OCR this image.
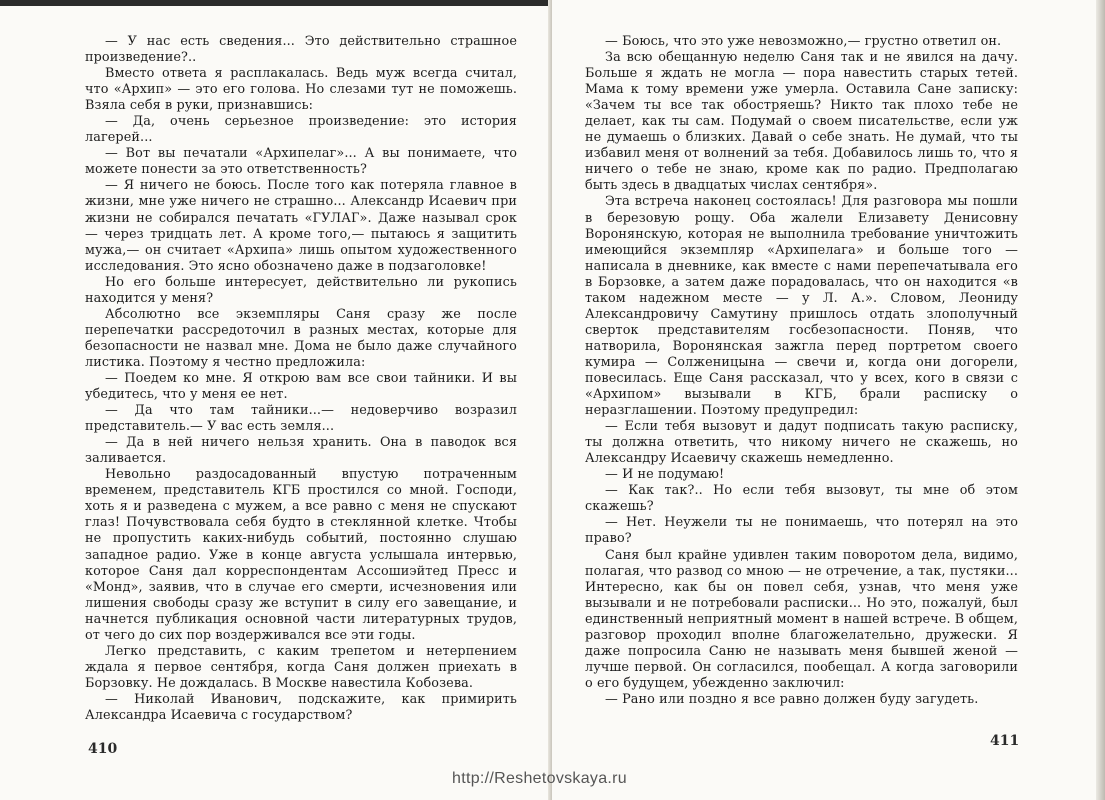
— У нас есть сведения... Это действительно страшное произведение?..

Вместо ответа я расплакалась. Ведь муж всегда считал, что «Архип» — это его голова. Но слезами тут не поможешь. Взяла себя в руки, признавшись:

— Да, очень серьезное произведение: это история лагерей...

— Вот вы печатали «Архипелаг»... А вы понимаете, что можете понести за это ответственность?

— Я ничего не боюсь. После того как потеряла главное в жизни, мне уже ничего не страшно... Александр Исаевич при жизни не собирался печатать «ГУЛАГ». Даже называл срок — через тридцать лет. А кроме того,— пытаюсь я защитить мужа,— он считает «Архипа» лишь опытом художественного исследования. Это ясно обозначено даже в подзаголовке!

Но его больше интересует, действительно ли рукопись находится у меня?

Абсолютно все экземпляры Саня сразу же после перепечатки рассредоточил в разных местах, которые для безопасности не назвал мне. Дома не было даже случайного листика. Поэтому я честно предложила:

— Поедем ко мне. Я открою вам все свои тайники. И вы убедитесь, что у меня ее нет.

— Да что там тайники...— недоверчиво возразил представитель.— У вас есть земля...

— Да в ней ничего нельзя хранить. Она в паводок вся заливается.

Невольно раздосадованный впустую потраченным временем, представитель КГБ простился со мной. Господи, хоть я и разведена с мужем, а все равно с меня не спускают глаз! Почувствовала себя будто в стеклянной клетке. Чтобы не пропустить каких-нибудь событий, постоянно слушаю западное радио. Уже в конце августа услышала интервью, которое Саня дал корреспондентам Ассошиэйтед Пресс и «Монд», заявив, что в случае его смерти, исчезновения или лишения свободы сразу же вступит в силу его завещание, и начнется публикация основной части литературных трудов, от чего до сих пор воздерживался все эти годы.

Легко представить, с каким трепетом и нетерпением ждала я первое сентября, когда Саня должен приехать в Борзовку. Не дождалась. В Москве навестила Кобозева.

— Николай Иванович, подскажите, как примирить Александра Исаевича с государством?

410

— Боюсь, что это уже невозможно,— грустно ответил он.

За всю обещанную неделю Саня так и не явился на дачу. Больше я ждать не могла — пора навестить старых тетей. Мама к тому времени уже умерла. Оставила Сане записку: «Зачем ты все так обостряешь? Никто так плохо тебе не делает, как ты сам. Подумай о своем писательстве, если уж не думаешь о близких. Давай о себе знать. Не думай, что ты избавил меня от волнений за тебя. Добавилось лишь то, что я ничего о тебе не знаю, кроме как по радио. Предполагаю быть здесь в двадцатых числах сентября».

Эта встреча наконец состоялась! Для разговора мы пошли в березовую рощу. Оба жалели Елизавету Денисовну Воронянскую, которая не выполнила требование уничтожить имеющийся экземпляр «Архипелага» и больше того — написала в дневнике, как вместе с нами перепечатывала его в Борзовке, а затем даже порадовалась, что он находится «в таком надежном месте — у Л. А.». Словом, Леониду Александровичу Самутину пришлось отдать злополучный сверток представителям госбезопасности. Поняв, что натворила, Воронянская зажгла перед портретом своего кумира — Солженицына — свечи и, когда они догорели, повесилась. Еще Саня рассказал, что у всех, кого в связи с «Архипом» вызывали в КГБ, брали расписку о неразглашении. Поэтому предупредил:

— Если тебя вызовут и дадут подписать такую расписку, ты должна ответить, что никому ничего не скажешь, но Александру Исаевичу скажешь немедленно.

— И не подумаю!

— Как так?.. Но если тебя вызовут, ты мне об этом скажешь?

— Нет. Неужели ты не понимаешь, что потерял на это право?

Саня был крайне удивлен таким поворотом дела, видимо, полагая, что развод со мною — не отречение, а так, пустяки... Интересно, как бы он повел себя, узнав, что меня уже вызывали и не потребовали расписки... Но это, пожалуй, был единственный неприятный момент в нашей встрече. В общем, разговор проходил вполне благожелательно, дружески. Я даже попросила Саню не называть меня бывшей женой — лучше первой. Он согласился, пообещал. А когда заговорили о его будущем, убежденно заключил:

— Рано или поздно я все равно должен буду загудеть.

411
http://Reshetovskaya.ru
